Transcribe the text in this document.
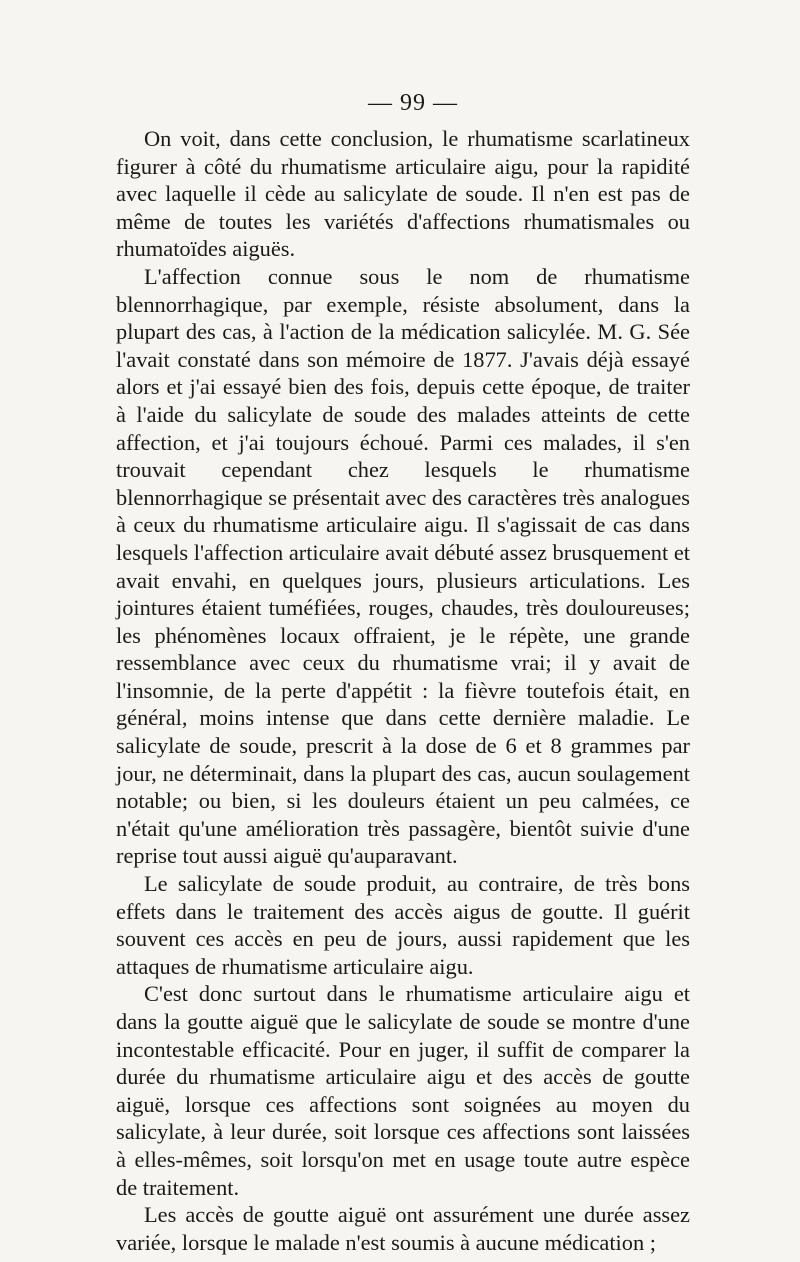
— 99 —

On voit, dans cette conclusion, le rhumatisme scarlatineux figurer à côté du rhumatisme articulaire aigu, pour la rapidité avec laquelle il cède au salicylate de soude. Il n'en est pas de même de toutes les variétés d'affections rhumatismales ou rhumatoïdes aiguës.

L'affection connue sous le nom de rhumatisme blennorrhagique, par exemple, résiste absolument, dans la plupart des cas, à l'action de la médication salicylée. M. G. Sée l'avait constaté dans son mémoire de 1877. J'avais déjà essayé alors et j'ai essayé bien des fois, depuis cette époque, de traiter à l'aide du salicylate de soude des malades atteints de cette affection, et j'ai toujours échoué. Parmi ces malades, il s'en trouvait cependant chez lesquels le rhumatisme blennorrhagique se présentait avec des caractères très analogues à ceux du rhumatisme articulaire aigu. Il s'agissait de cas dans lesquels l'affection articulaire avait débuté assez brusquement et avait envahi, en quelques jours, plusieurs articulations. Les jointures étaient tuméfiées, rouges, chaudes, très douloureuses; les phénomènes locaux offraient, je le répète, une grande ressemblance avec ceux du rhumatisme vrai; il y avait de l'insomnie, de la perte d'appétit : la fièvre toutefois était, en général, moins intense que dans cette dernière maladie. Le salicylate de soude, prescrit à la dose de 6 et 8 grammes par jour, ne déterminait, dans la plupart des cas, aucun soulagement notable; ou bien, si les douleurs étaient un peu calmées, ce n'était qu'une amélioration très passagère, bientôt suivie d'une reprise tout aussi aiguë qu'auparavant.

Le salicylate de soude produit, au contraire, de très bons effets dans le traitement des accès aigus de goutte. Il guérit souvent ces accès en peu de jours, aussi rapidement que les attaques de rhumatisme articulaire aigu.

C'est donc surtout dans le rhumatisme articulaire aigu et dans la goutte aiguë que le salicylate de soude se montre d'une incontestable efficacité. Pour en juger, il suffit de comparer la durée du rhumatisme articulaire aigu et des accès de goutte aiguë, lorsque ces affections sont soignées au moyen du salicylate, à leur durée, soit lorsque ces affections sont laissées à elles-mêmes, soit lorsqu'on met en usage toute autre espèce de traitement.

Les accès de goutte aiguë ont assurément une durée assez variée, lorsque le malade n'est soumis à aucune médication ;
